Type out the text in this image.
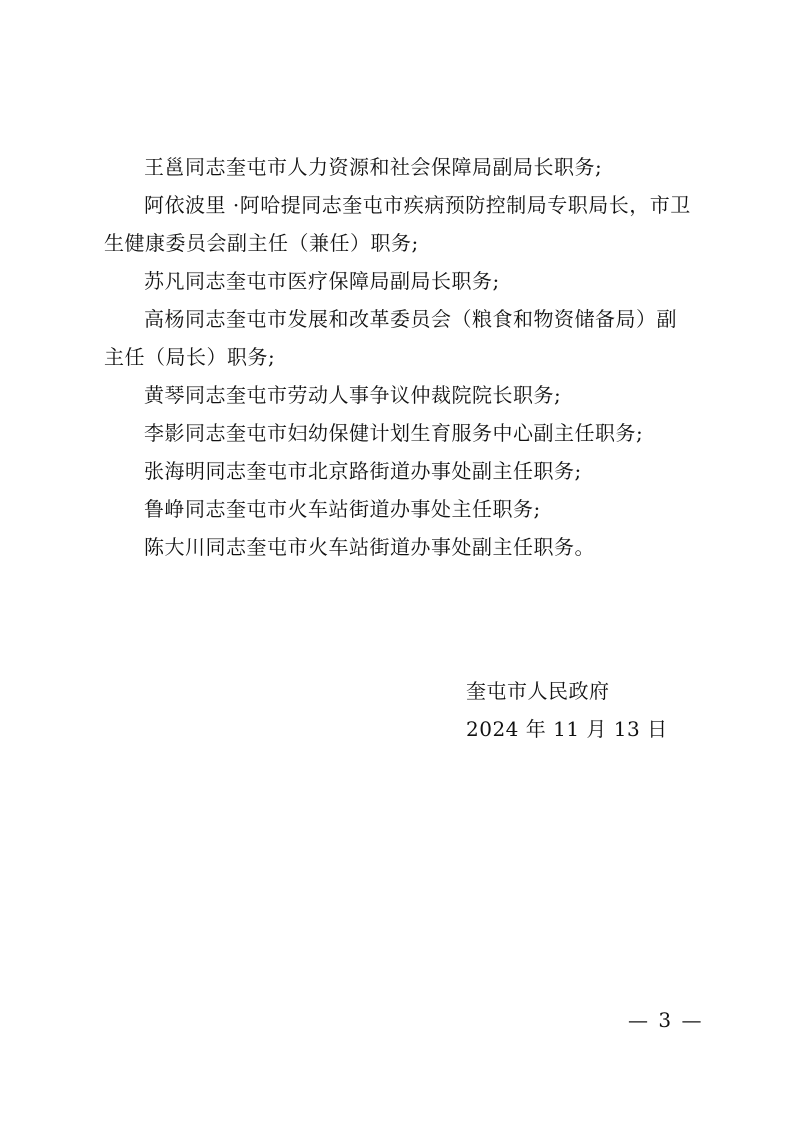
王邕同志奎屯市人力资源和社会保障局副局长职务;

阿依波里 ·阿哈提同志奎屯市疾病预防控制局专职局长，市卫生健康委员会副主任（兼任）职务;

苏凡同志奎屯市医疗保障局副局长职务;

高杨同志奎屯市发展和改革委员会（粮食和物资储备局）副主任（局长）职务;

黄琴同志奎屯市劳动人事争议仲裁院院长职务;

李影同志奎屯市妇幼保健计划生育服务中心副主任职务;

张海明同志奎屯市北京路街道办事处副主任职务;

鲁峥同志奎屯市火车站街道办事处主任职务;

陈大川同志奎屯市火车站街道办事处副主任职务。

奎屯市人民政府
2024 年 11 月 13 日
— 3 —
